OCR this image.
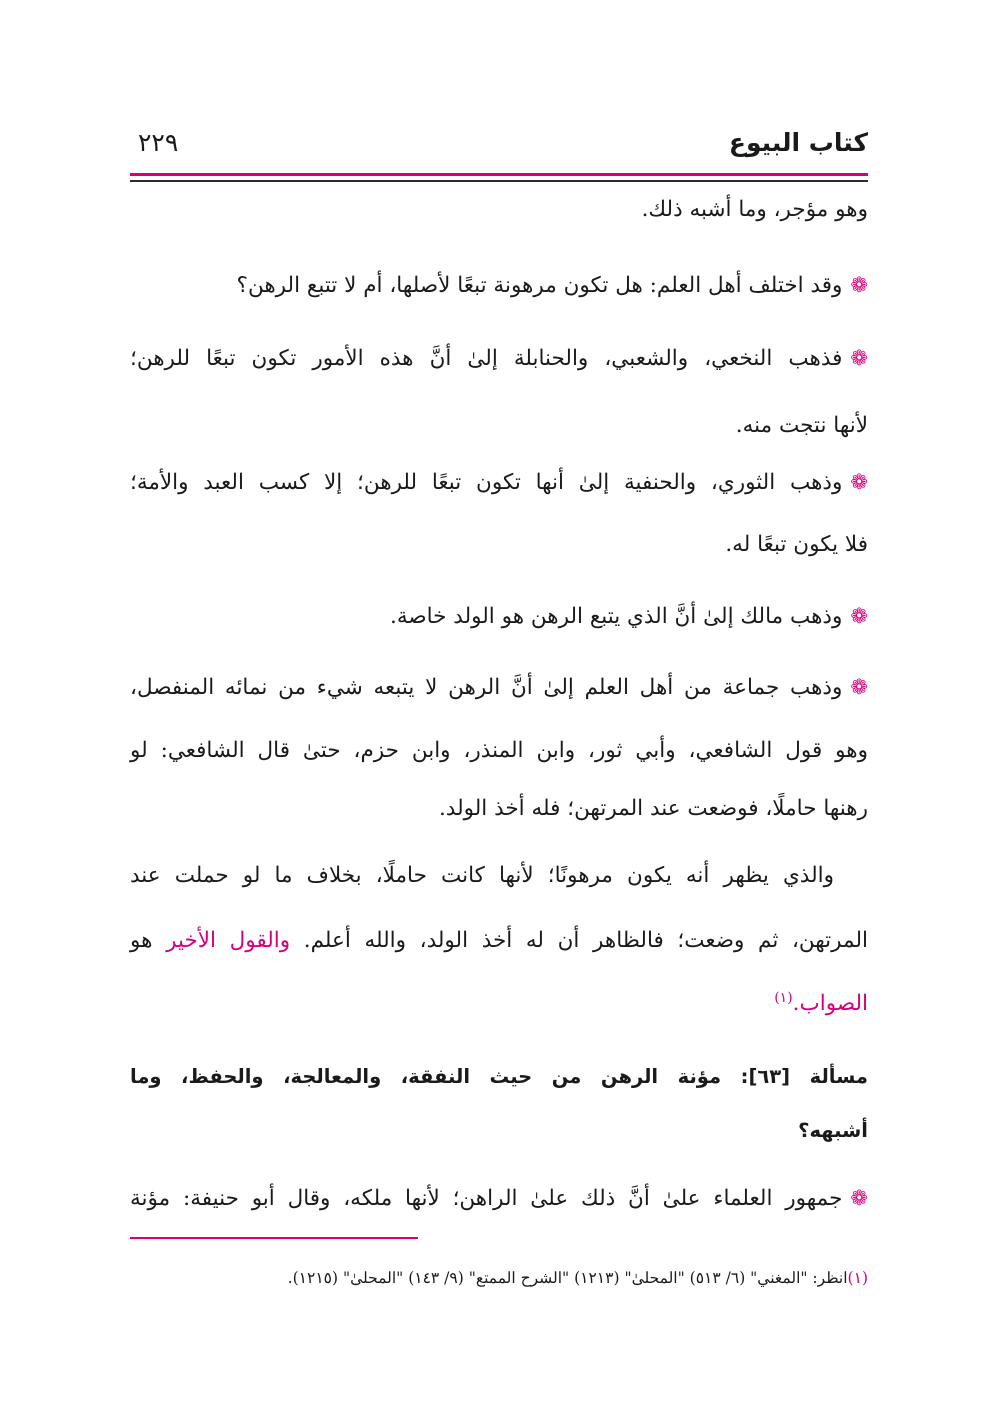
كتاب البيوع
٢٢٩
وهو مؤجر، وما أشبه ذلك.
❁وقد اختلف أهل العلم: هل تكون مرهونة تبعًا لأصلها، أم لا تتبع الرهن؟
❁فذهب النخعي، والشعبي، والحنابلة إلىٰ أنَّ هذه الأمور تكون تبعًا للرهن؛
لأنها نتجت منه.
❁وذهب الثوري، والحنفية إلىٰ أنها تكون تبعًا للرهن؛ إلا كسب العبد والأمة؛
فلا يكون تبعًا له.
❁وذهب مالك إلىٰ أنَّ الذي يتبع الرهن هو الولد خاصة.
❁وذهب جماعة من أهل العلم إلىٰ أنَّ الرهن لا يتبعه شيء من نمائه المنفصل،
وهو قول الشافعي، وأبي ثور، وابن المنذر، وابن حزم، حتىٰ قال الشافعي: لو
رهنها حاملًا، فوضعت عند المرتهن؛ فله أخذ الولد.
والذي يظهر أنه يكون مرهونًا؛ لأنها كانت حاملًا، بخلاف ما لو حملت عند
المرتهن، ثم وضعت؛ فالظاهر أن له أخذ الولد، والله أعلم. والقول الأخير هو
الصواب.$^{(١)}$
مسألة [٦٣]: مؤنة الرهن من حيث النفقة، والمعالجة، والحفظ، وما
أشبهه؟
❁جمهور العلماء علىٰ أنَّ ذلك علىٰ الراهن؛ لأنها ملكه، وقال أبو حنيفة: مؤنة
(١)انظر: "المغني" (٦/ ٥١٣) "المحلىٰ" (١٢١٣) "الشرح الممتع" (٩/ ١٤٣) "المحلىٰ" (١٢١٥).
